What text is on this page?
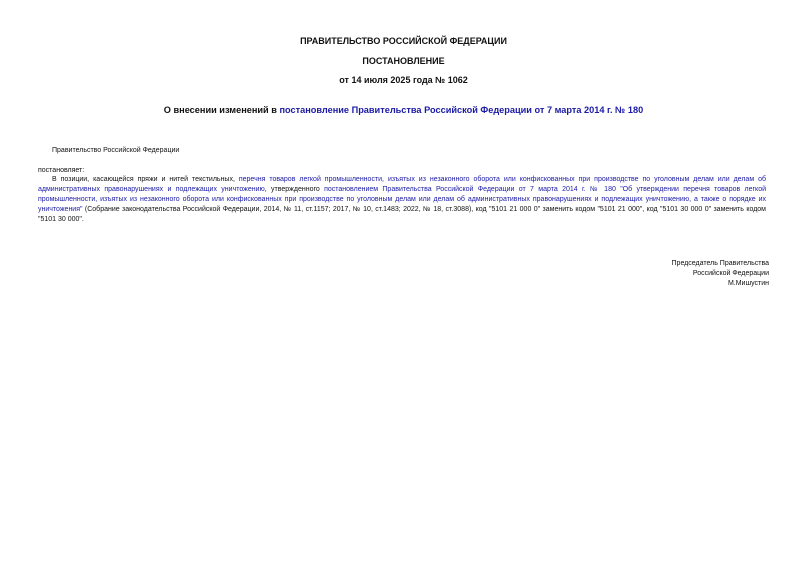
ПРАВИТЕЛЬСТВО РОССИЙСКОЙ ФЕДЕРАЦИИ
ПОСТАНОВЛЕНИЕ
от 14 июля 2025 года № 1062
О внесении изменений в постановление Правительства Российской Федерации от 7 марта 2014 г. № 180
Правительство Российской Федерации
постановляет:
В позиции, касающейся пряжи и нитей текстильных, перечня товаров легкой промышленности, изъятых из незаконного оборота или конфискованных при производстве по уголовным делам или делам об административных правонарушениях и подлежащих уничтожению, утвержденного постановлением Правительства Российской Федерации от 7 марта 2014 г. № 180 "Об утверждении перечня товаров легкой промышленности, изъятых из незаконного оборота или конфискованных при производстве по уголовным делам или делам об административных правонарушениях и подлежащих уничтожению, а также о порядке их уничтожения" (Собрание законодательства Российской Федерации, 2014, № 11, ст.1157; 2017, № 10, ст.1483; 2022, № 18, ст.3088), код "5101 21 000 0" заменить кодом "5101 21 000", код "5101 30 000 0" заменить кодом "5101 30 000".
Председатель Правительства
Российской Федерации
М.Мишустин
